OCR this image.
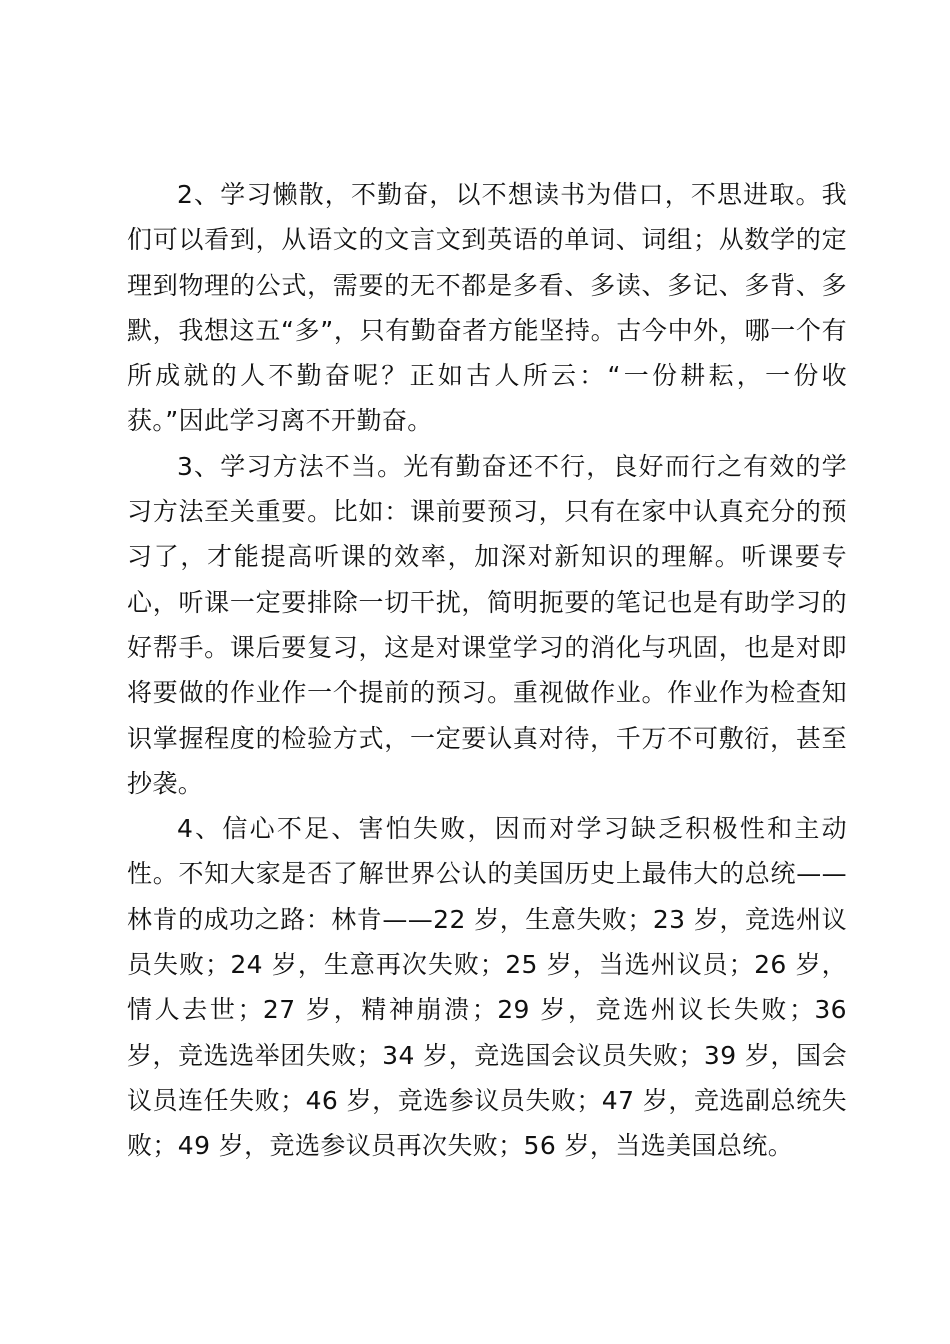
2、学习懒散，不勤奋，以不想读书为借口，不思进取。我们可以看到，从语文的文言文到英语的单词、词组；从数学的定理到物理的公式，需要的无不都是多看、多读、多记、多背、多默，我想这五“多”，只有勤奋者方能坚持。古今中外，哪一个有所成就的人不勤奋呢？正如古人所云：“一份耕耘，一份收获。”因此学习离不开勤奋。

3、学习方法不当。光有勤奋还不行，良好而行之有效的学习方法至关重要。比如：课前要预习，只有在家中认真充分的预习了，才能提高听课的效率，加深对新知识的理解。听课要专心，听课一定要排除一切干扰，简明扼要的笔记也是有助学习的好帮手。课后要复习，这是对课堂学习的消化与巩固，也是对即将要做的作业作一个提前的预习。重视做作业。作业作为检查知识掌握程度的检验方式，一定要认真对待，千万不可敷衍，甚至抄袭。

4、信心不足、害怕失败，因而对学习缺乏积极性和主动性。不知大家是否了解世界公认的美国历史上最伟大的总统——林肯的成功之路：林肯——22 岁，生意失败；23 岁，竞选州议员失败；24 岁，生意再次失败；25 岁，当选州议员；26 岁，情人去世；27 岁，精神崩溃；29 岁，竞选州议长失败；36 岁，竞选选举团失败；34 岁，竞选国会议员失败；39 岁，国会议员连任失败；46 岁，竞选参议员失败；47 岁，竞选副总统失败；49 岁，竞选参议员再次失败；56 岁，当选美国总统。
